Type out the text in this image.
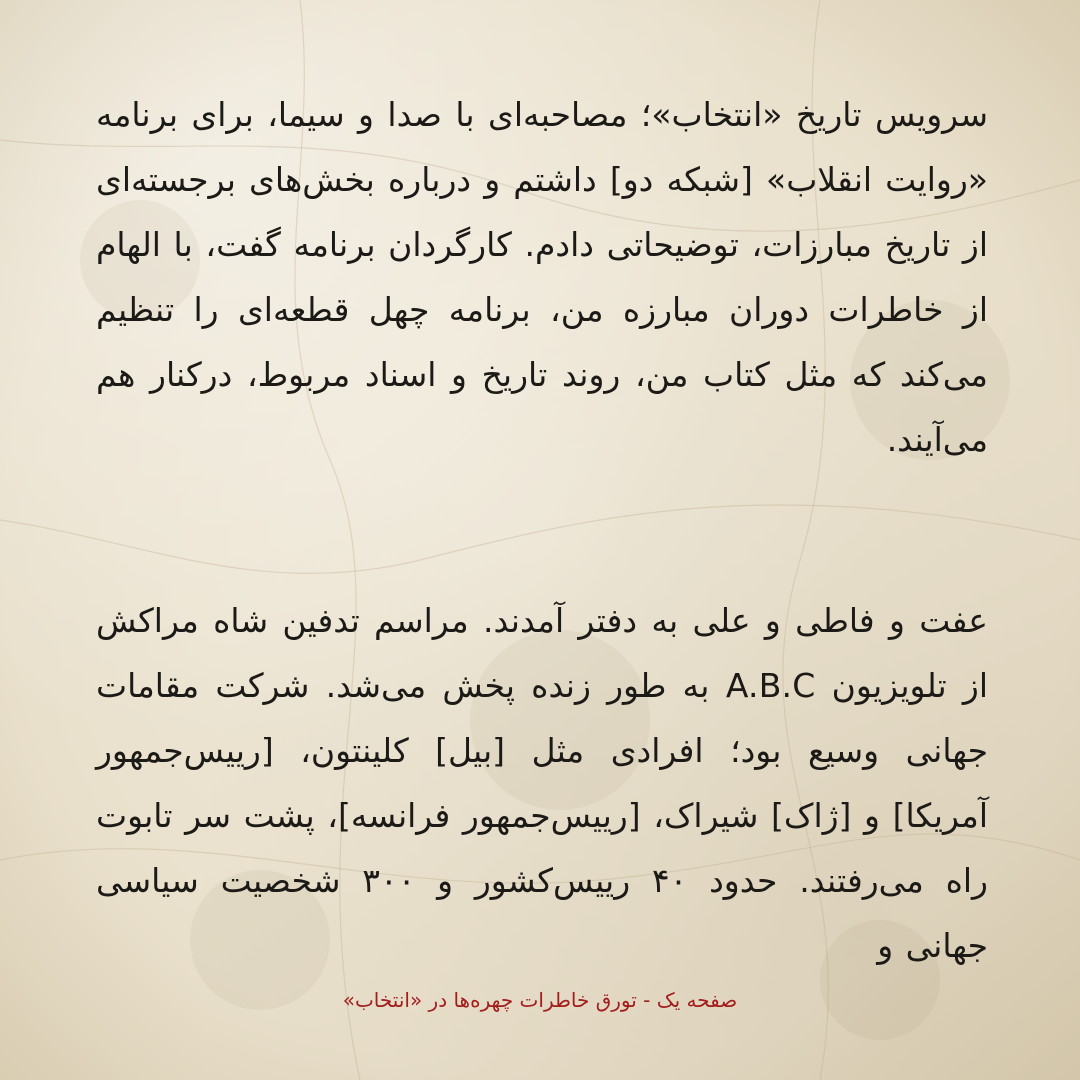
سرویس تاریخ «انتخاب»؛ مصاحبه‌ای با صدا و سیما، برای برنامه «روایت انقلاب» [شبکه دو] داشتم و درباره بخش‌های برجسته‌ای از تاریخ مبارزات، توضیحاتی دادم. کارگردان برنامه گفت، با الهام از خاطرات دوران مبارزه من، برنامه چهل قطعه‌ای را تنظیم می‌کند که مثل کتاب من، روند تاریخ و اسناد مربوط، درکنار هم می‌آیند.
عفت و فاطی و علی به دفتر آمدند. مراسم تدفین شاه مراکش از تلویزیون A.B.C به طور زنده پخش می‌شد. شرکت مقامات جهانی وسیع بود؛ افرادی مثل [بیل] کلینتون، [رییس‌جمهور آمریکا] و [ژاک] شیراک، [رییس‌جمهور فرانسه]، پشت سر تابوت راه می‌رفتند. حدود ۴۰ رییس‌کشور و ۳۰۰ شخصیت سیاسی جهانی و
صفحه یک - تورق خاطرات چهره‌ها در «انتخاب»
